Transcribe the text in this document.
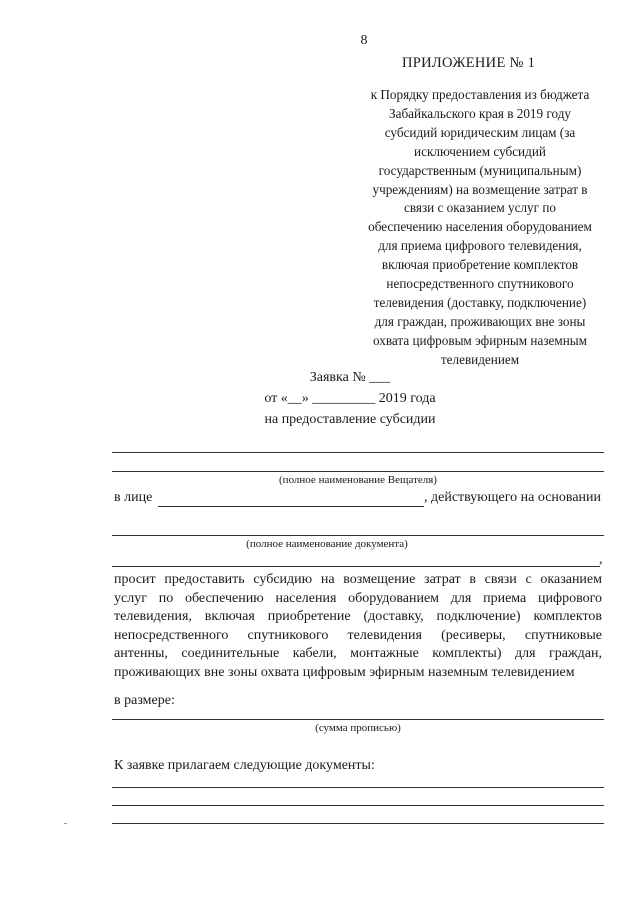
8
ПРИЛОЖЕНИЕ № 1
к Порядку предоставления из бюджета
Забайкальского края в 2019 году
субсидий юридическим лицам (за
исключением субсидий
государственным (муниципальным)
учреждениям) на возмещение затрат в
связи с оказанием услуг по
обеспечению населения оборудованием
для приема цифрового телевидения,
включая приобретение комплектов
непосредственного спутникового
телевидения (доставку, подключение)
для граждан, проживающих вне зоны
охвата цифровым эфирным наземным
телевидением
Заявка № ___
от «__» _________ 2019 года
на предоставление субсидии
(полное наименование Вещателя)
в лице	, действующего на основании
(полное наименование документа)
,
просит предоставить субсидию на возмещение затрат в связи с оказанием
услуг по обеспечению населения оборудованием для приема цифрового
телевидения, включая приобретение (доставку, подключение) комплектов
непосредственного спутникового телевидения (ресиверы, спутниковые
антенны, соединительные кабели, монтажные комплекты) для граждан,
проживающих вне зоны охвата цифровым эфирным наземным телевидением
в размере:
(сумма прописью)
К заявке прилагаем следующие документы:
